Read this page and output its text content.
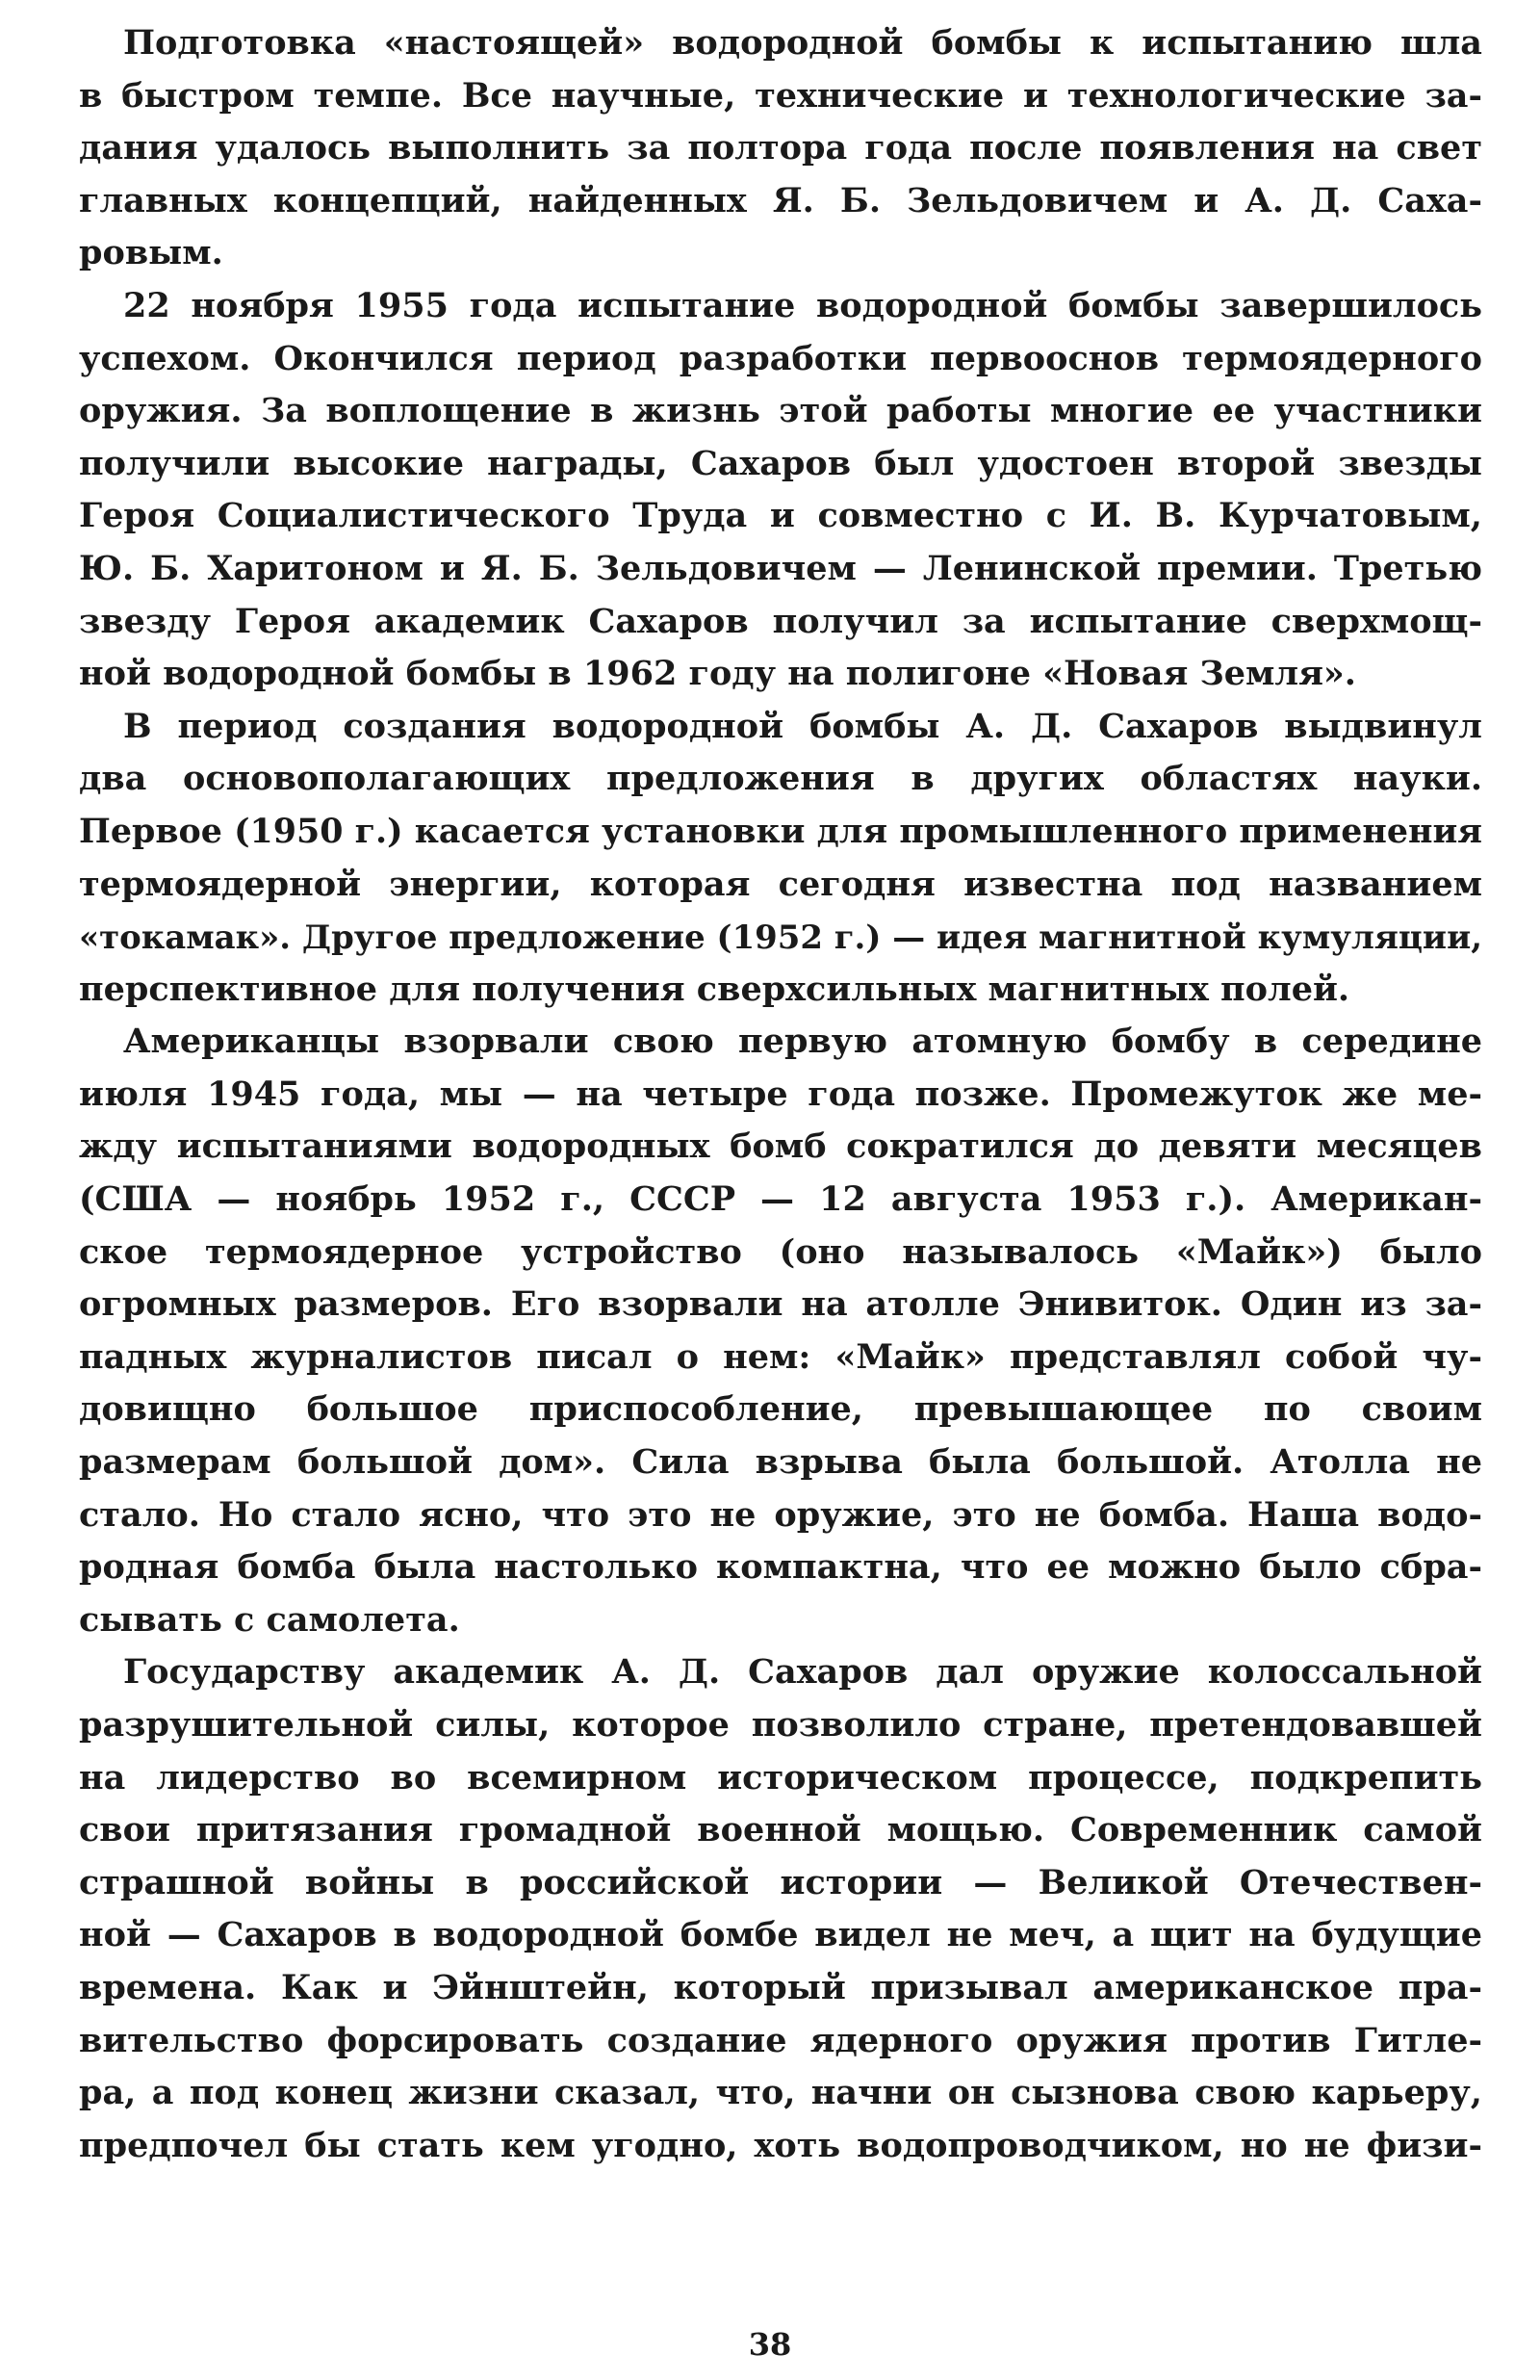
Подготовка «настоящей» водородной бомбы к испытанию шла
в быстром темпе. Все научные, технические и технологические за-
дания удалось выполнить за полтора года после появления на свет
главных концепций, найденных Я. Б. Зельдовичем и А. Д. Саха-
ровым.
22 ноября 1955 года испытание водородной бомбы завершилось
успехом. Окончился период разработки первооснов термоядерного
оружия. За воплощение в жизнь этой работы многие ее участники
получили высокие награды, Сахаров был удостоен второй звезды
Героя Социалистического Труда и совместно с И. В. Курчатовым,
Ю. Б. Харитоном и Я. Б. Зельдовичем — Ленинской премии. Третью
звезду Героя академик Сахаров получил за испытание сверхмощ-
ной водородной бомбы в 1962 году на полигоне «Новая Земля».
В период создания водородной бомбы А. Д. Сахаров выдвинул
два основополагающих предложения в других областях науки.
Первое (1950 г.) касается установки для промышленного применения
термоядерной энергии, которая сегодня известна под названием
«токамак». Другое предложение (1952 г.) — идея магнитной кумуляции,
перспективное для получения сверхсильных магнитных полей.
Американцы взорвали свою первую атомную бомбу в середине
июля 1945 года, мы — на четыре года позже. Промежуток же ме-
жду испытаниями водородных бомб сократился до девяти месяцев
(США — ноябрь 1952 г., СССР — 12 августа 1953 г.). Американ-
ское термоядерное устройство (оно называлось «Майк») было
огромных размеров. Его взорвали на атолле Энивиток. Один из за-
падных журналистов писал о нем: «Майк» представлял собой чу-
довищно большое приспособление, превышающее по своим
размерам большой дом». Сила взрыва была большой. Атолла не
стало. Но стало ясно, что это не оружие, это не бомба. Наша водо-
родная бомба была настолько компактна, что ее можно было сбра-
сывать с самолета.
Государству академик А. Д. Сахаров дал оружие колоссальной
разрушительной силы, которое позволило стране, претендовавшей
на лидерство во всемирном историческом процессе, подкрепить
свои притязания громадной военной мощью. Современник самой
страшной войны в российской истории — Великой Отечествен-
ной — Сахаров в водородной бомбе видел не меч, а щит на будущие
времена. Как и Эйнштейн, который призывал американское пра-
вительство форсировать создание ядерного оружия против Гитле-
ра, а под конец жизни сказал, что, начни он сызнова свою карьеру,
предпочел бы стать кем угодно, хоть водопроводчиком, но не физи-
38
